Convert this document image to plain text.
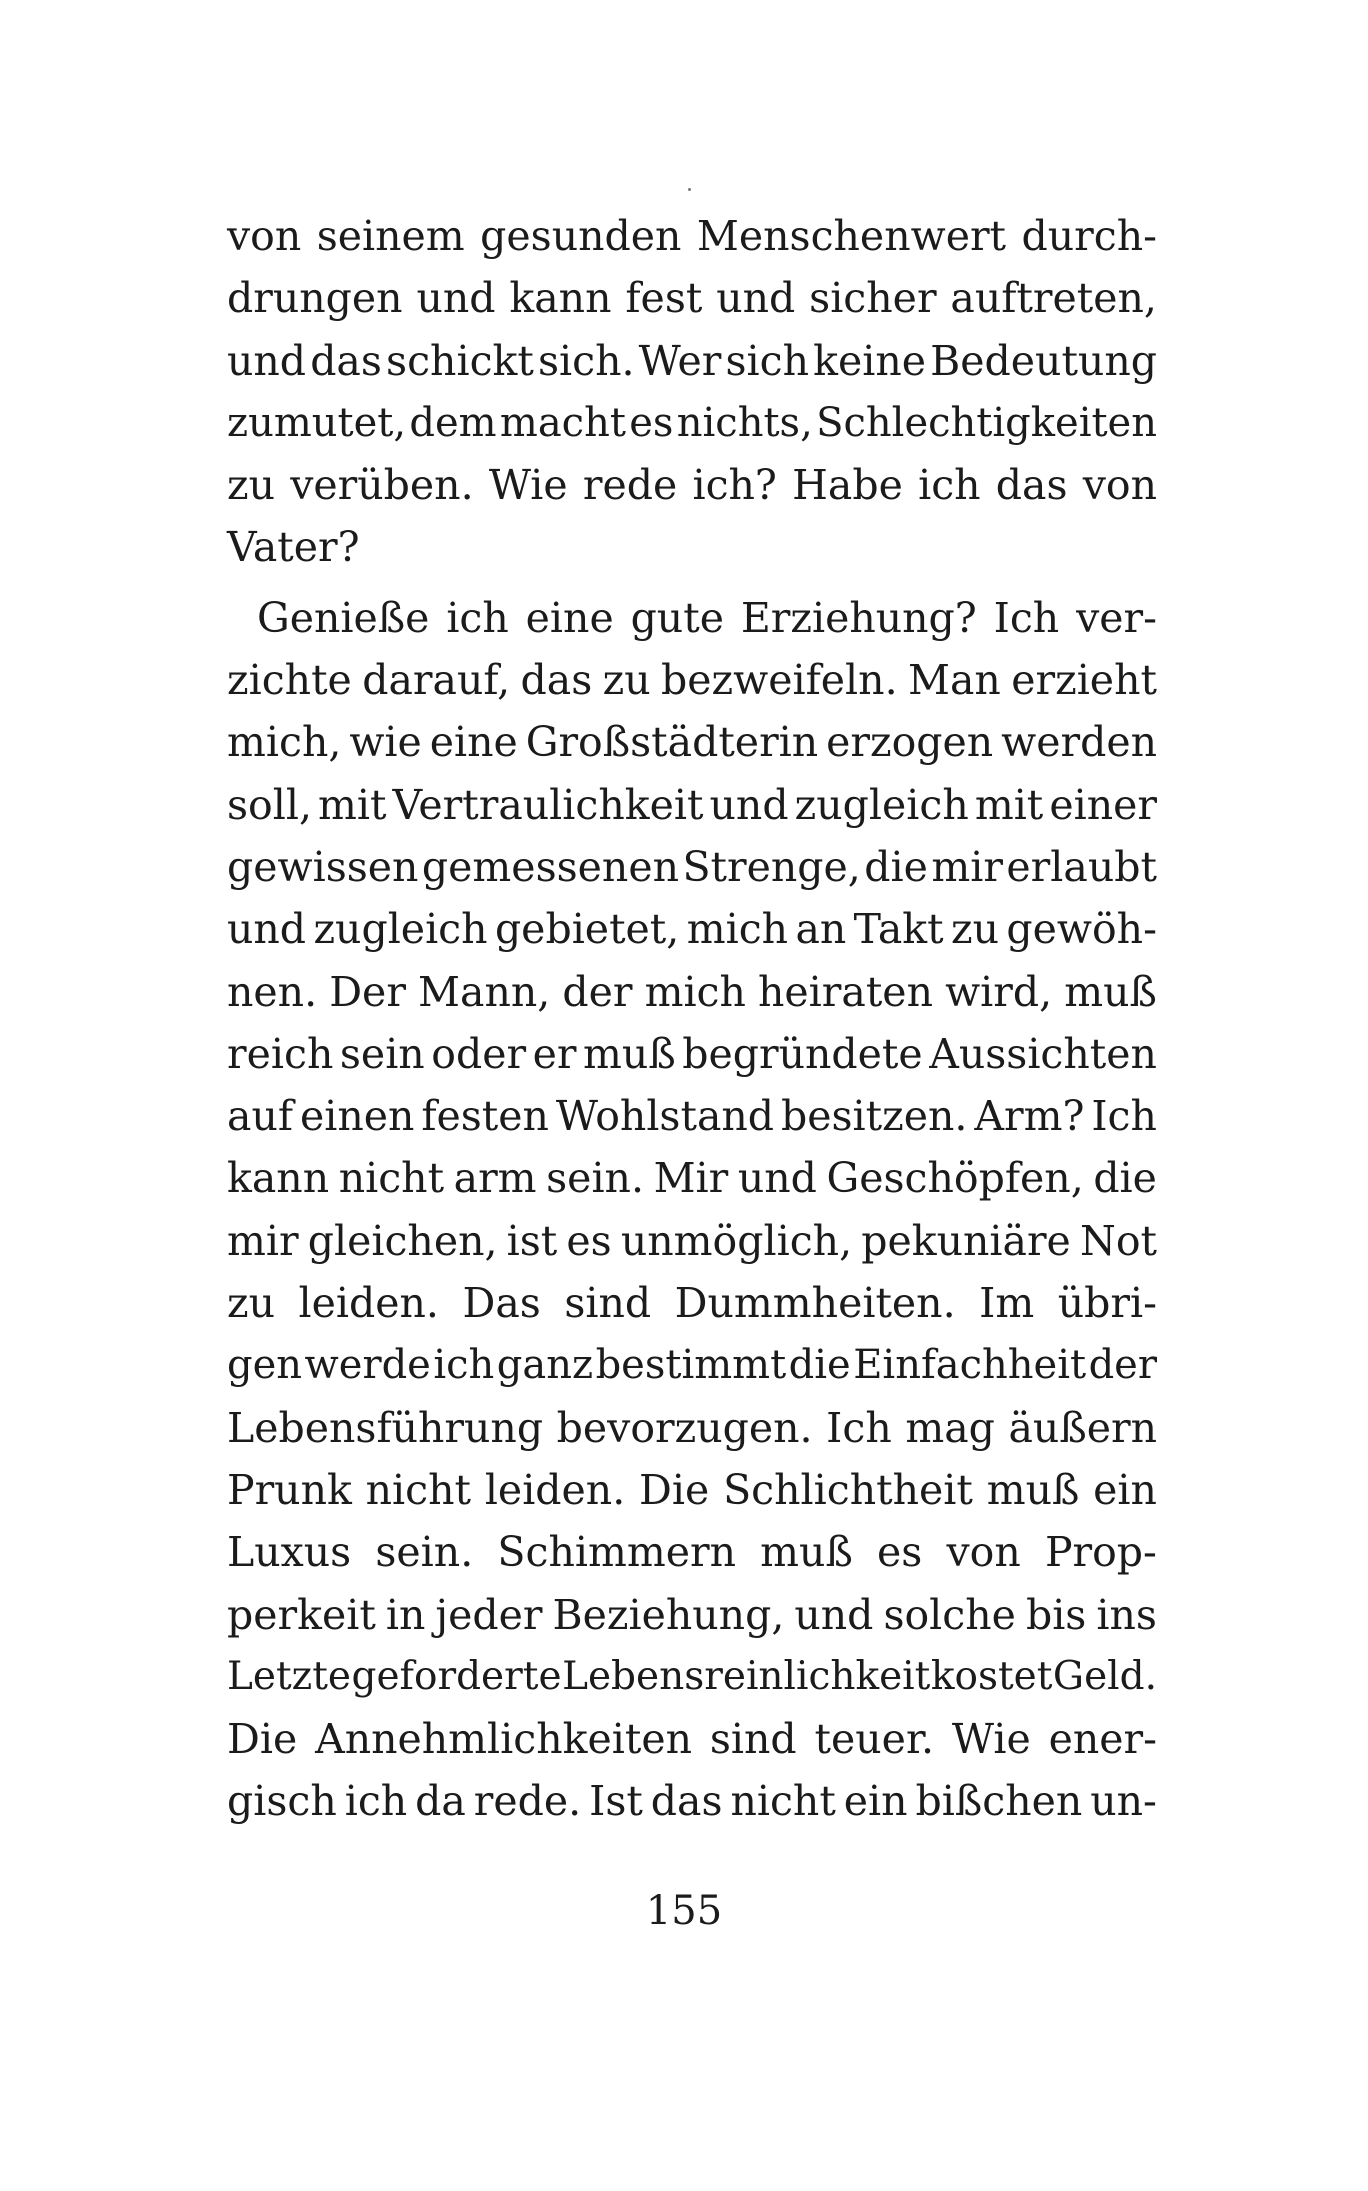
von seinem gesunden Menschenwert durch-
drungen und kann fest und sicher auftreten,
und das schickt sich. Wer sich keine Bedeutung
zumutet, dem macht es nichts, Schlechtigkeiten
zu verüben. Wie rede ich? Habe ich das von
Vater?
Genieße ich eine gute Erziehung? Ich ver-
zichte darauf, das zu bezweifeln. Man erzieht
mich, wie eine Großstädterin erzogen werden
soll, mit Vertraulichkeit und zugleich mit einer
gewissen gemessenen Strenge, die mir erlaubt
und zugleich gebietet, mich an Takt zu gewöh-
nen. Der Mann, der mich heiraten wird, muß
reich sein oder er muß begründete Aussichten
auf einen festen Wohlstand besitzen. Arm? Ich
kann nicht arm sein. Mir und Geschöpfen, die
mir gleichen, ist es unmöglich, pekuniäre Not
zu leiden. Das sind Dummheiten. Im übri-
gen werde ich ganz bestimmt die Einfachheit der
Lebensführung bevorzugen. Ich mag äußern
Prunk nicht leiden. Die Schlichtheit muß ein
Luxus sein. Schimmern muß es von Prop-
perkeit in jeder Beziehung, und solche bis ins
Letzte geforderte Lebensreinlichkeit kostet Geld.
Die Annehmlichkeiten sind teuer. Wie ener-
gisch ich da rede. Ist das nicht ein bißchen un-
155
